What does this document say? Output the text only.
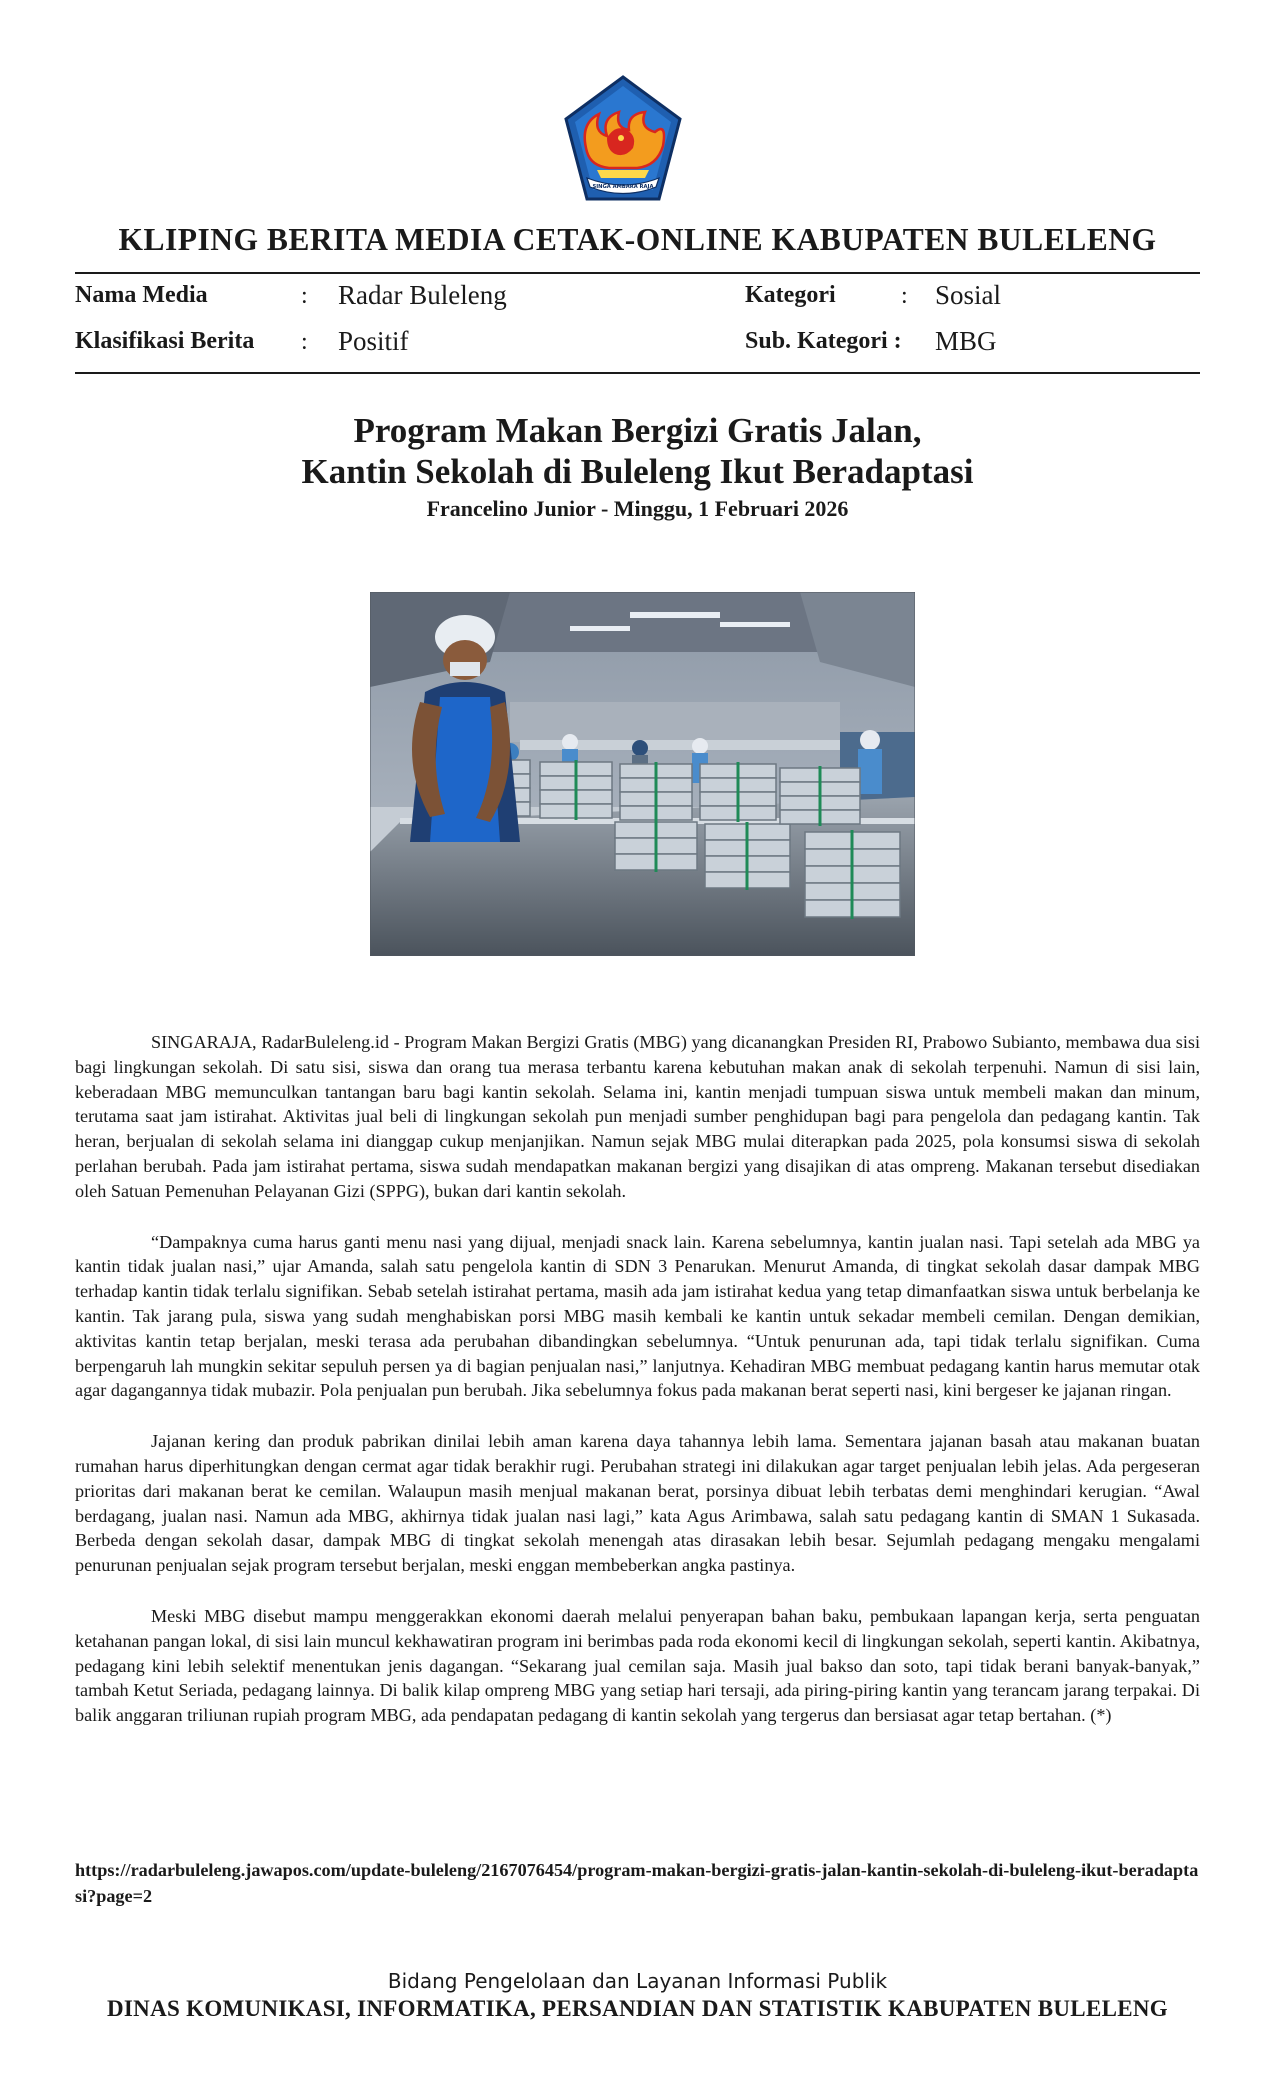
SINGA AMBARA RAJA
KLIPING BERITA MEDIA CETAK-ONLINE KABUPATEN BULELENG
Nama Media	: Radar Buleleng	Kategori	: Sosial
Klasifikasi Berita : Positif	Sub. Kategori : MBG
Program Makan Bergizi Gratis Jalan,
Kantin Sekolah di Buleleng Ikut Beradaptasi
Francelino Junior - Minggu, 1 Februari 2026

SINGARAJA, RadarBuleleng.id - Program Makan Bergizi Gratis (MBG) yang dicanangkan Presiden RI, Prabowo Subianto, membawa dua sisi bagi lingkungan sekolah. Di satu sisi, siswa dan orang tua merasa terbantu karena kebutuhan makan anak di sekolah terpenuhi. Namun di sisi lain, keberadaan MBG memunculkan tantangan baru bagi kantin sekolah. Selama ini, kantin menjadi tumpuan siswa untuk membeli makan dan minum, terutama saat jam istirahat. Aktivitas jual beli di lingkungan sekolah pun menjadi sumber penghidupan bagi para pengelola dan pedagang kantin. Tak heran, berjualan di sekolah selama ini dianggap cukup menjanjikan. Namun sejak MBG mulai diterapkan pada 2025, pola konsumsi siswa di sekolah perlahan berubah. Pada jam istirahat pertama, siswa sudah mendapatkan makanan bergizi yang disajikan di atas ompreng. Makanan tersebut disediakan oleh Satuan Pemenuhan Pelayanan Gizi (SPPG), bukan dari kantin sekolah.

“Dampaknya cuma harus ganti menu nasi yang dijual, menjadi snack lain. Karena sebelumnya, kantin jualan nasi. Tapi setelah ada MBG ya kantin tidak jualan nasi,” ujar Amanda, salah satu pengelola kantin di SDN 3 Penarukan. Menurut Amanda, di tingkat sekolah dasar dampak MBG terhadap kantin tidak terlalu signifikan. Sebab setelah istirahat pertama, masih ada jam istirahat kedua yang tetap dimanfaatkan siswa untuk berbelanja ke kantin. Tak jarang pula, siswa yang sudah menghabiskan porsi MBG masih kembali ke kantin untuk sekadar membeli cemilan. Dengan demikian, aktivitas kantin tetap berjalan, meski terasa ada perubahan dibandingkan sebelumnya. “Untuk penurunan ada, tapi tidak terlalu signifikan. Cuma berpengaruh lah mungkin sekitar sepuluh persen ya di bagian penjualan nasi,” lanjutnya. Kehadiran MBG membuat pedagang kantin harus memutar otak agar dagangannya tidak mubazir. Pola penjualan pun berubah. Jika sebelumnya fokus pada makanan berat seperti nasi, kini bergeser ke jajanan ringan.

Jajanan kering dan produk pabrikan dinilai lebih aman karena daya tahannya lebih lama. Sementara jajanan basah atau makanan buatan rumahan harus diperhitungkan dengan cermat agar tidak berakhir rugi. Perubahan strategi ini dilakukan agar target penjualan lebih jelas. Ada pergeseran prioritas dari makanan berat ke cemilan. Walaupun masih menjual makanan berat, porsinya dibuat lebih terbatas demi menghindari kerugian. “Awal berdagang, jualan nasi. Namun ada MBG, akhirnya tidak jualan nasi lagi,” kata Agus Arimbawa, salah satu pedagang kantin di SMAN 1 Sukasada. Berbeda dengan sekolah dasar, dampak MBG di tingkat sekolah menengah atas dirasakan lebih besar. Sejumlah pedagang mengaku mengalami penurunan penjualan sejak program tersebut berjalan, meski enggan membeberkan angka pastinya.

Meski MBG disebut mampu menggerakkan ekonomi daerah melalui penyerapan bahan baku, pembukaan lapangan kerja, serta penguatan ketahanan pangan lokal, di sisi lain muncul kekhawatiran program ini berimbas pada roda ekonomi kecil di lingkungan sekolah, seperti kantin. Akibatnya, pedagang kini lebih selektif menentukan jenis dagangan. “Sekarang jual cemilan saja. Masih jual bakso dan soto, tapi tidak berani banyak-banyak,” tambah Ketut Seriada, pedagang lainnya. Di balik kilap ompreng MBG yang setiap hari tersaji, ada piring-piring kantin yang terancam jarang terpakai. Di balik anggaran triliunan rupiah program MBG, ada pendapatan pedagang di kantin sekolah yang tergerus dan bersiasat agar tetap bertahan. (*)

https://radarbuleleng.jawapos.com/update-buleleng/2167076454/program-makan-bergizi-gratis-jalan-kantin-sekolah-di-buleleng-ikut-beradaptasi?page=2
Bidang Pengelolaan dan Layanan Informasi Publik
DINAS KOMUNIKASI, INFORMATIKA, PERSANDIAN DAN STATISTIK KABUPATEN BULELENG
